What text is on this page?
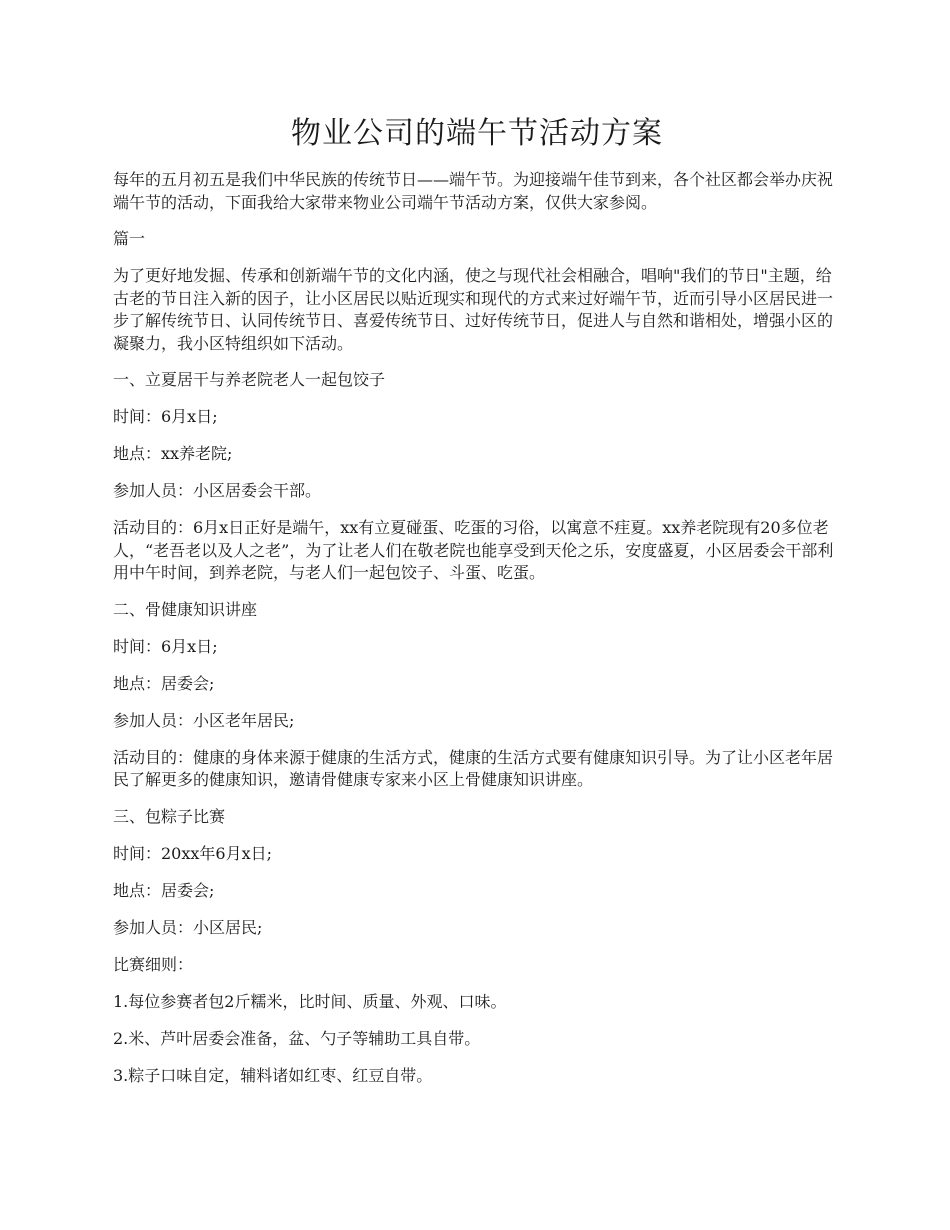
物业公司的端午节活动方案

每年的五月初五是我们中华民族的传统节日——端午节。为迎接端午佳节到来，各个社区都会举办庆祝端午节的活动，下面我给大家带来物业公司端午节活动方案，仅供大家参阅。

篇一

为了更好地发掘、传承和创新端午节的文化内涵，使之与现代社会相融合，唱响"我们的节日"主题，给古老的节日注入新的因子，让小区居民以贴近现实和现代的方式来过好端午节，近而引导小区居民进一步了解传统节日、认同传统节日、喜爱传统节日、过好传统节日，促进人与自然和谐相处，增强小区的凝聚力，我小区特组织如下活动。

一、立夏居干与养老院老人一起包饺子

时间：6月x日;

地点：xx养老院;

参加人员：小区居委会干部。

活动目的：6月x日正好是端午，xx有立夏碰蛋、吃蛋的习俗，以寓意不疰夏。xx养老院现有20多位老人，“老吾老以及人之老”，为了让老人们在敬老院也能享受到天伦之乐，安度盛夏，小区居委会干部利用中午时间，到养老院，与老人们一起包饺子、斗蛋、吃蛋。

二、骨健康知识讲座

时间：6月x日;

地点：居委会;

参加人员：小区老年居民;

活动目的：健康的身体来源于健康的生活方式，健康的生活方式要有健康知识引导。为了让小区老年居民了解更多的健康知识，邀请骨健康专家来小区上骨健康知识讲座。

三、包粽子比赛

时间：20xx年6月x日;

地点：居委会;

参加人员：小区居民;

比赛细则：

1.每位参赛者包2斤糯米，比时间、质量、外观、口味。

2.米、芦叶居委会准备，盆、勺子等辅助工具自带。

3.粽子口味自定，辅料诸如红枣、红豆自带。
